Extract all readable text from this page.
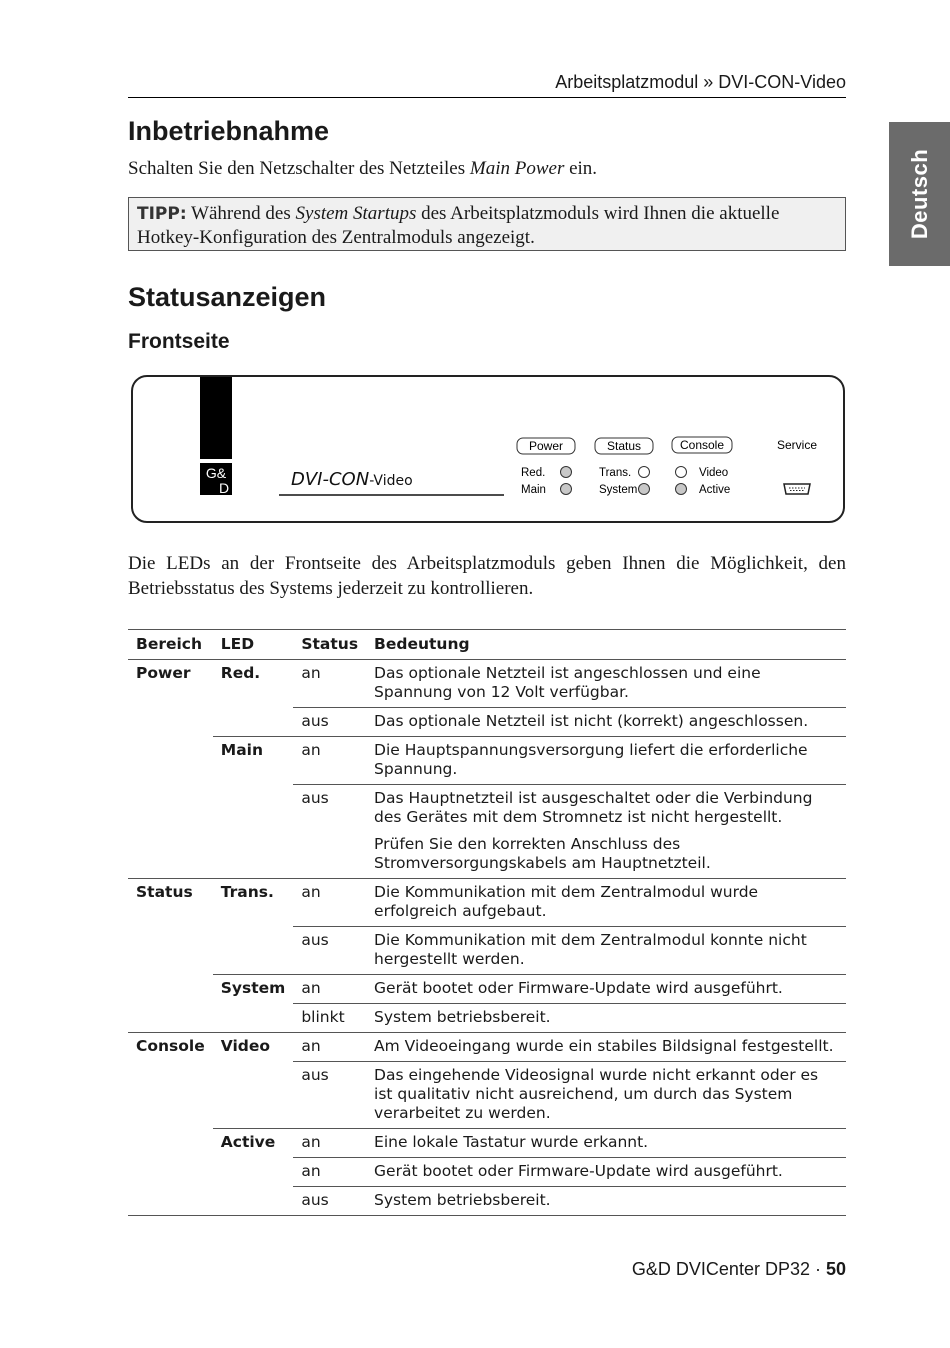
Arbeitsplatzmodul » DVI-CON-Video
Deutsch
Inbetriebnahme
Schalten Sie den Netzschalter des Netzteiles Main Power ein.
TIPP: Während des System Startups des Arbeitsplatzmoduls wird Ihnen die aktuelle Hotkey-Konfiguration des Zentralmoduls angezeigt.
Statusanzeigen
Frontseite
G&
D	DVI-CON-Video
Power	Status	Console	Service
Red.
Main
Trans.
System
Video
Active
Die LEDs an der Frontseite des Arbeitsplatzmoduls geben Ihnen die Möglichkeit, den Betriebsstatus des Systems jederzeit zu kontrollieren.
Bereich	LED	Status	Bedeutung
Power	Red.	an	Das optionale Netzteil ist angeschlossen und eine Spannung von 12 Volt verfügbar.
		aus	Das optionale Netzteil ist nicht (korrekt) angeschlossen.
	Main	an	Die Hauptspannungsversorgung liefert die erforderliche Spannung.
		aus	Das Hauptnetzteil ist ausgeschaltet oder die Verbindung des Gerätes mit dem Stromnetz ist nicht hergestellt.
Prüfen Sie den korrekten Anschluss des Stromversorgungskabels am Hauptnetzteil.

Status	Trans.	an	Die Kommunikation mit dem Zentralmodul wurde erfolgreich aufgebaut.
		aus	Die Kommunikation mit dem Zentralmodul konnte nicht hergestellt werden.
	System	an	Gerät bootet oder Firmware-Update wird ausgeführt.
		blinkt	System betriebsbereit.
Console	Video	an	Am Videoeingang wurde ein stabiles Bildsignal festgestellt.
		aus	Das eingehende Videosignal wurde nicht erkannt oder es ist qualitativ nicht ausreichend, um durch das System verarbeitet zu werden.
	Active	an	Eine lokale Tastatur wurde erkannt.
		an	Gerät bootet oder Firmware-Update wird ausgeführt.
		aus	System betriebsbereit.
G&D DVICenter DP32 · 50
